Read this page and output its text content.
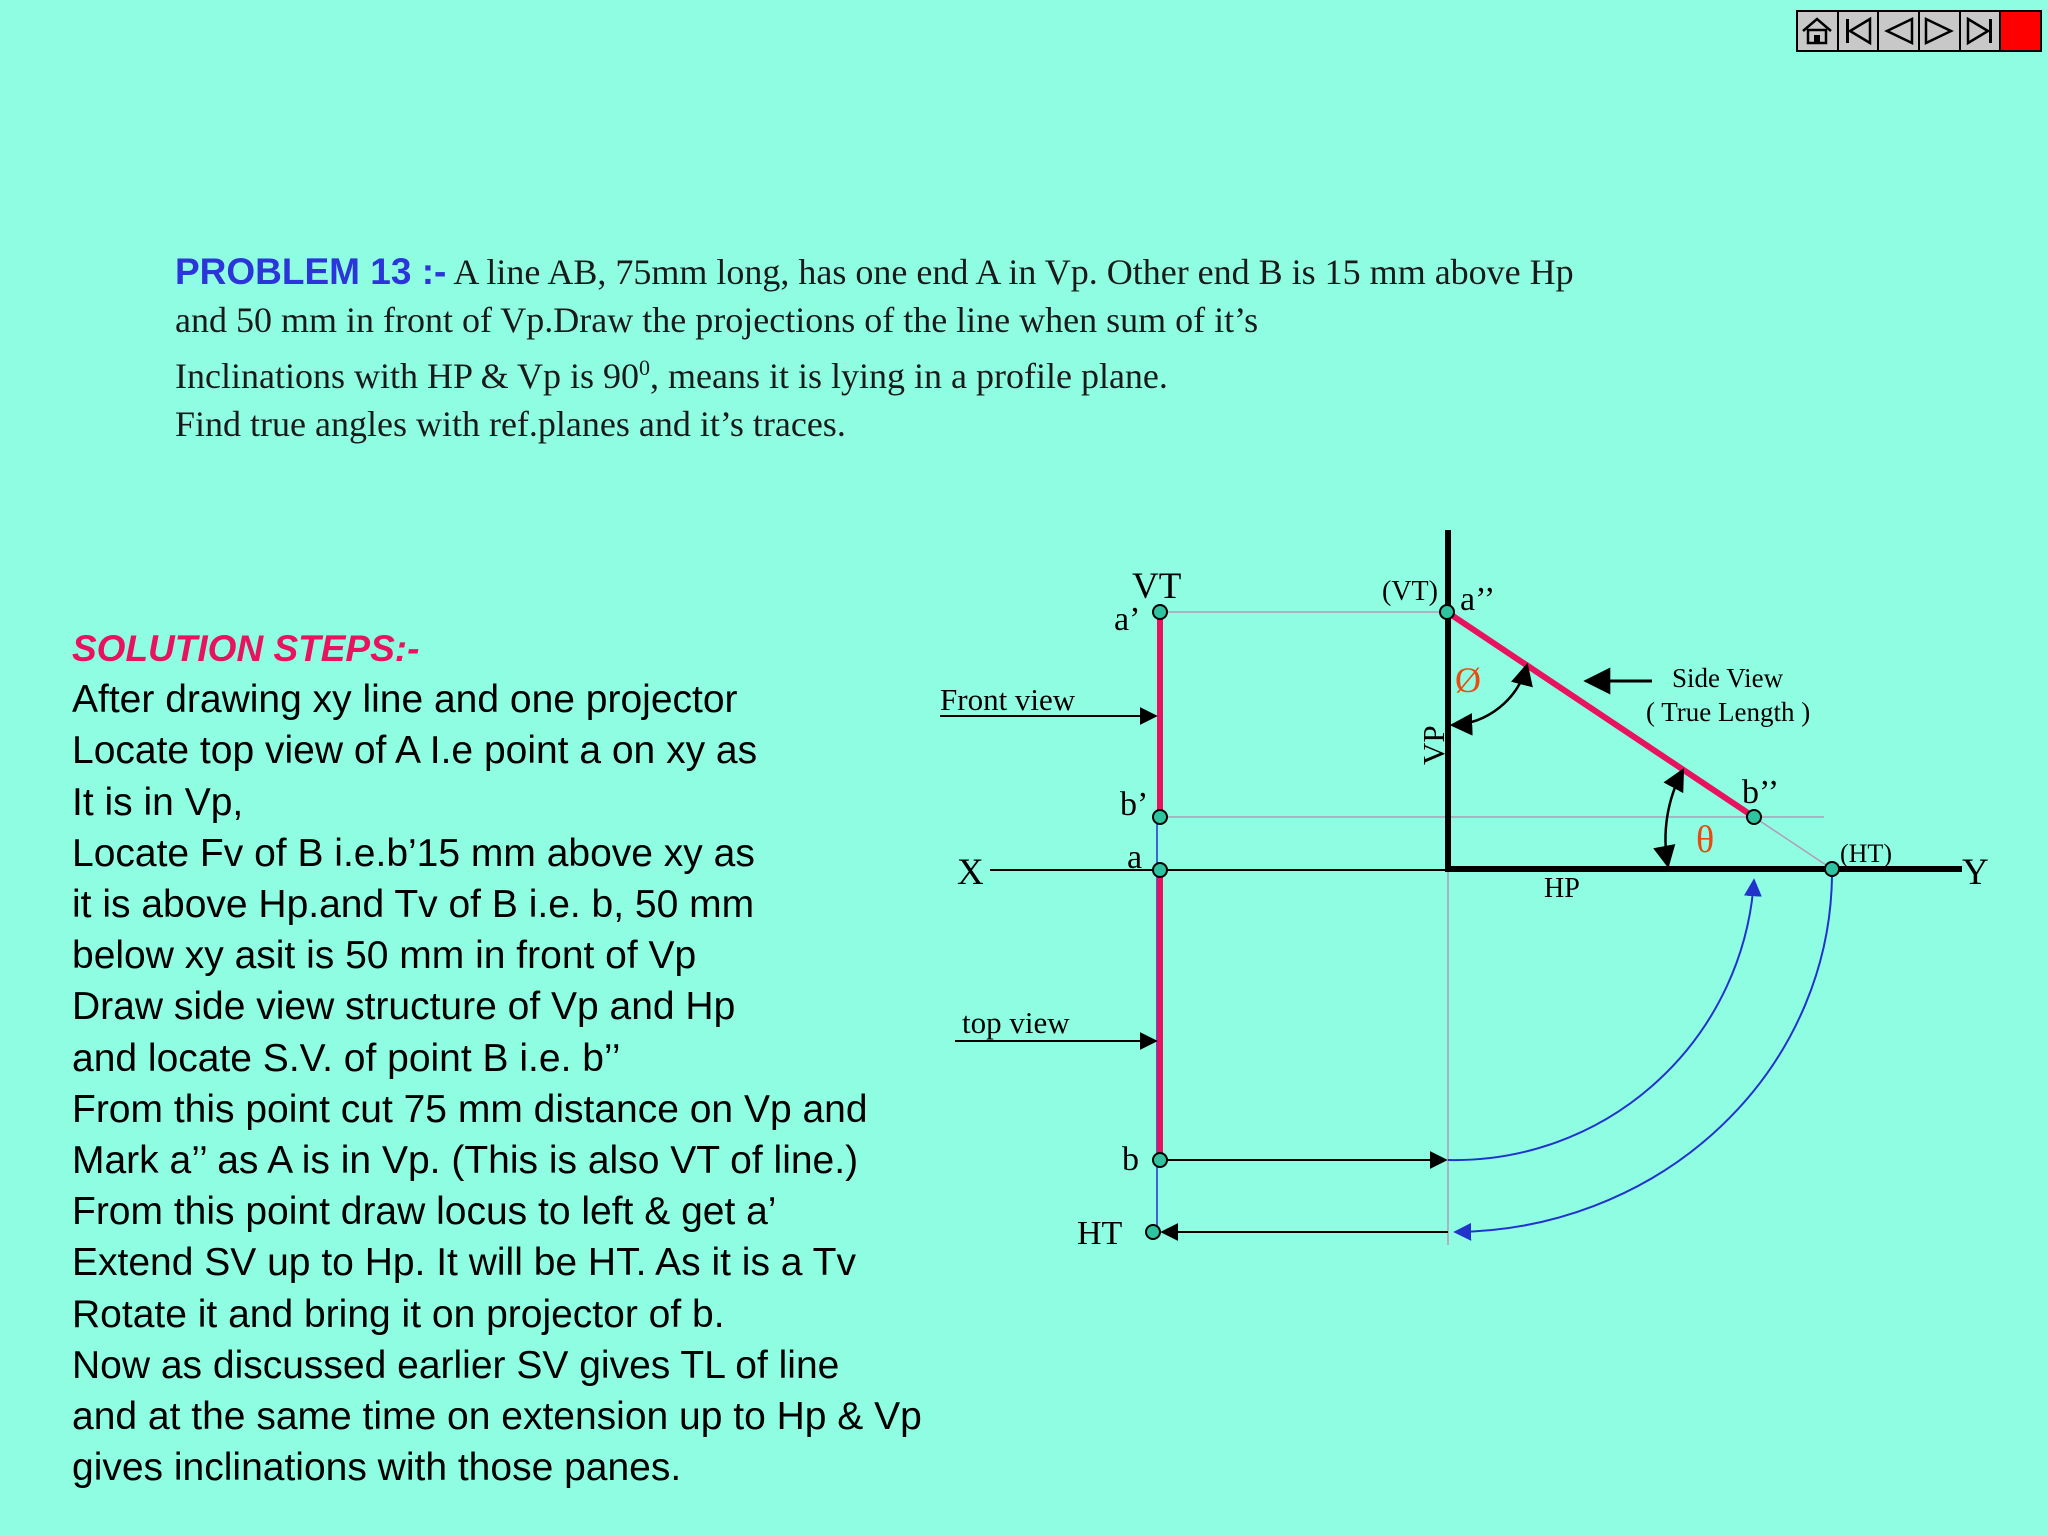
PROBLEM 13 :- A line AB, 75mm long, has one end A in Vp. Other end B is 15 mm above Hp
and 50 mm in front of Vp.Draw the projections of the line when sum of it’s
Inclinations with HP & Vp is $90^0$, means it is lying in a profile plane.
Find true angles with ref.planes and it’s traces.
SOLUTION STEPS:-
After drawing xy line and one projector
Locate top view of A I.e point a on xy as
It is in Vp,
Locate Fv of B i.e.b’15 mm above xy as
it is above Hp.and Tv of B i.e. b, 50 mm
below xy asit is 50 mm in front of Vp
Draw side view structure of Vp and Hp
and locate S.V. of point B i.e. b’’
From this point cut 75 mm distance on Vp and
Mark a’’ as A is in Vp. (This is also VT of line.)
From this point draw locus to left & get a’
Extend SV up to Hp. It will be HT. As it is a Tv
Rotate it and bring it on projector of b.
Now as discussed earlier SV gives TL of line
and at the same time on extension up to Hp & Vp
gives inclinations with those panes.
VT
a’
(VT) a’’
Front view	Ø
VP
Side View
( True Length )
b’	b’’
θ	(HT)
X	Y
a
HP
top view
b
HT
